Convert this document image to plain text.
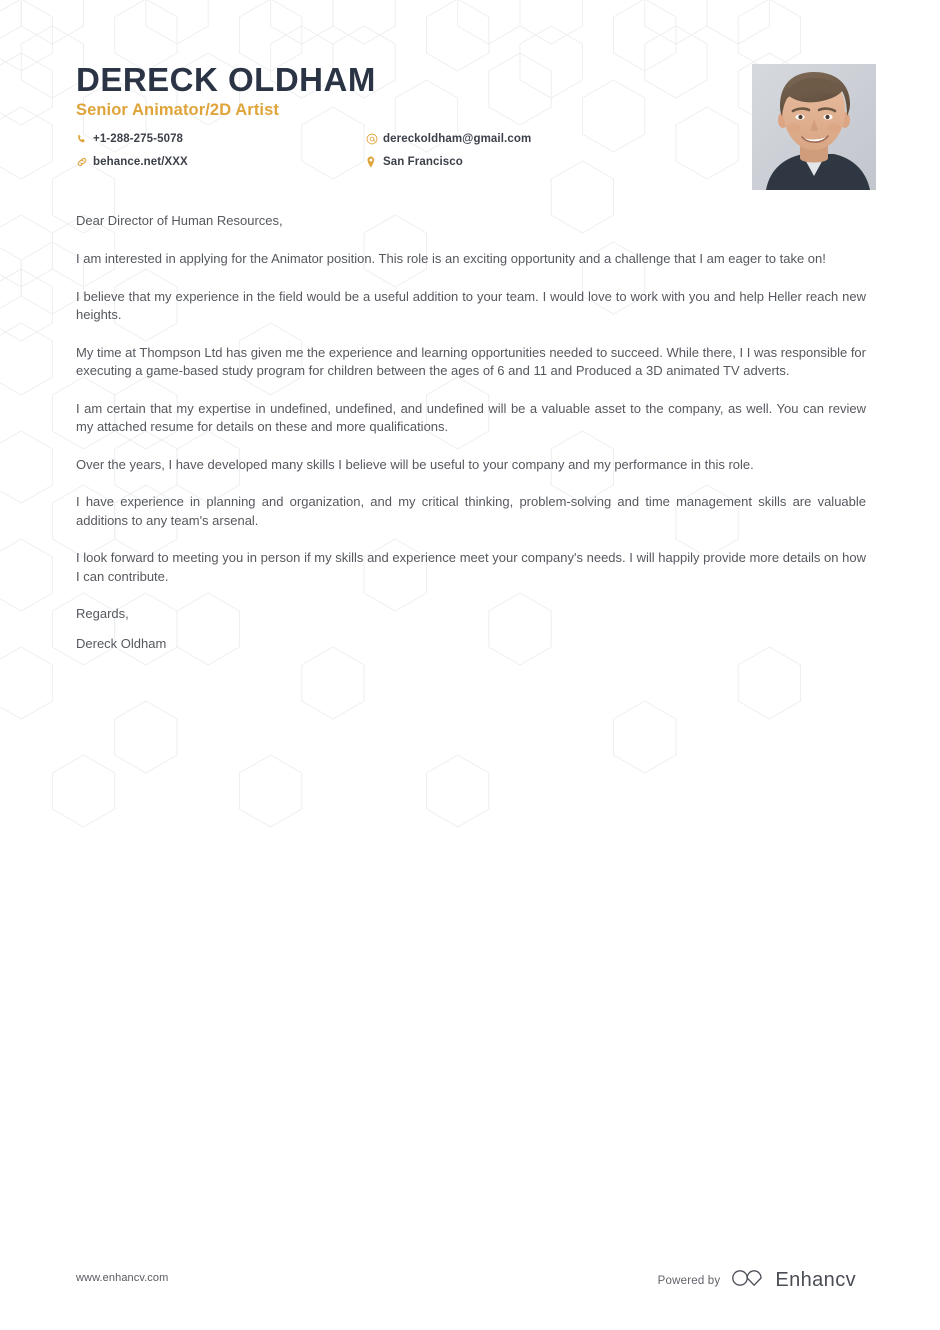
DERECK OLDHAM
Senior Animator/2D Artist
+1-288-275-5078
behance.net/XXX
dereckoldham@gmail.com
San Francisco

Dear Director of Human Resources,

I am interested in applying for the Animator position. This role is an exciting opportunity and a challenge that I am eager to take on!

I believe that my experience in the field would be a useful addition to your team. I would love to work with you and help Heller reach new heights.

My time at Thompson Ltd has given me the experience and learning opportunities needed to succeed. While there, I I was responsible for executing a game-based study program for children between the ages of 6 and 11 and Produced a 3D animated TV adverts.

I am certain that my expertise in undefined, undefined, and undefined will be a valuable asset to the company, as well. You can review my attached resume for details on these and more qualifications.

Over the years, I have developed many skills I believe will be useful to your company and my performance in this role.

I have experience in planning and organization, and my critical thinking, problem-solving and time management skills are valuable additions to any team's arsenal.

I look forward to meeting you in person if my skills and experience meet your company's needs. I will happily provide more details on how I can contribute.

Regards,
Dereck Oldham
www.enhancv.com	Powered by	Enhancv
